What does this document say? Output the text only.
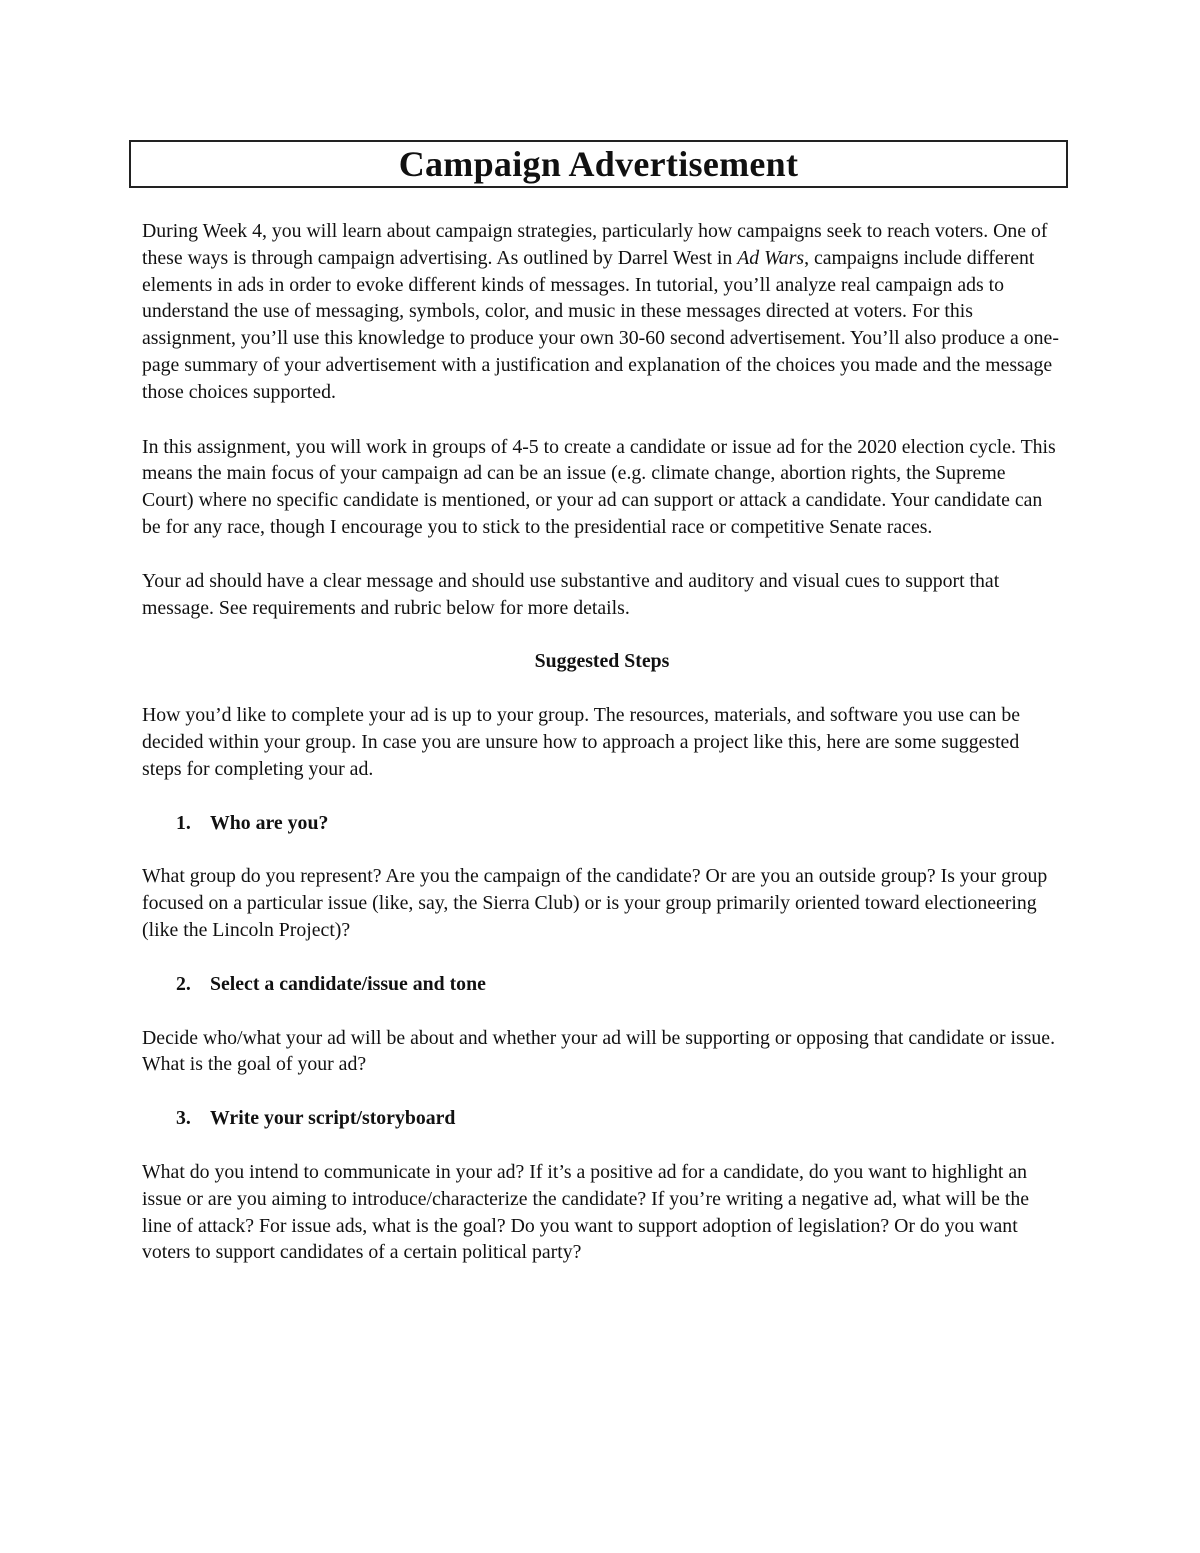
Campaign Advertisement

During Week 4, you will learn about campaign strategies, particularly how campaigns seek to reach voters. One of these ways is through campaign advertising. As outlined by Darrel West in Ad Wars, campaigns include different elements in ads in order to evoke different kinds of messages. In tutorial, you’ll analyze real campaign ads to understand the use of messaging, symbols, color, and music in these messages directed at voters. For this assignment, you’ll use this knowledge to produce your own 30-60 second advertisement. You’ll also produce a one-page summary of your advertisement with a justification and explanation of the choices you made and the message those choices supported.

In this assignment, you will work in groups of 4-5 to create a candidate or issue ad for the 2020 election cycle. This means the main focus of your campaign ad can be an issue (e.g. climate change, abortion rights, the Supreme Court) where no specific candidate is mentioned, or your ad can support or attack a candidate. Your candidate can be for any race, though I encourage you to stick to the presidential race or competitive Senate races.

Your ad should have a clear message and should use substantive and auditory and visual cues to support that message. See requirements and rubric below for more details.

Suggested Steps

How you’d like to complete your ad is up to your group. The resources, materials, and software you use can be decided within your group. In case you are unsure how to approach a project like this, here are some suggested steps for completing your ad.

1. Who are you?

What group do you represent? Are you the campaign of the candidate? Or are you an outside group? Is your group focused on a particular issue (like, say, the Sierra Club) or is your group primarily oriented toward electioneering (like the Lincoln Project)?

2. Select a candidate/issue and tone

Decide who/what your ad will be about and whether your ad will be supporting or opposing that candidate or issue. What is the goal of your ad?

3. Write your script/storyboard

What do you intend to communicate in your ad? If it’s a positive ad for a candidate, do you want to highlight an issue or are you aiming to introduce/characterize the candidate? If you’re writing a negative ad, what will be the line of attack? For issue ads, what is the goal? Do you want to support adoption of legislation? Or do you want voters to support candidates of a certain political party?
